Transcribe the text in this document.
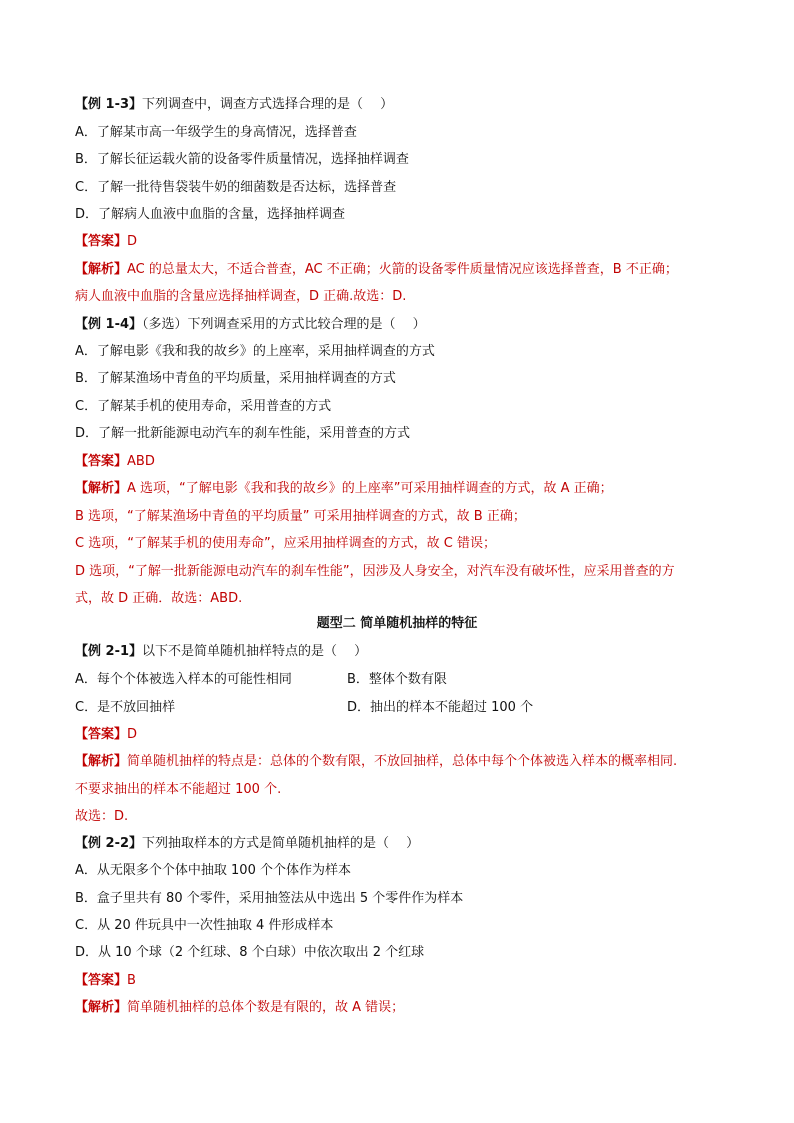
【例 1-3】下列调查中，调查方式选择合理的是（　 ）
A．了解某市高一年级学生的身高情况，选择普查
B．了解长征运载火箭的设备零件质量情况，选择抽样调查
C．了解一批待售袋装牛奶的细菌数是否达标，选择普查
D．了解病人血液中血脂的含量，选择抽样调查
【答案】D
【解析】AC 的总量太大，不适合普查，AC 不正确；火箭的设备零件质量情况应该选择普查，B 不正确；
病人血液中血脂的含量应选择抽样调查，D 正确.故选：D.
【例 1-4】（多选）下列调查采用的方式比较合理的是（　 ）
A．了解电影《我和我的故乡》的上座率，采用抽样调查的方式
B．了解某渔场中青鱼的平均质量，采用抽样调查的方式
C．了解某手机的使用寿命，采用普查的方式
D．了解一批新能源电动汽车的刹车性能，采用普查的方式
【答案】ABD
【解析】A 选项，“了解电影《我和我的故乡》的上座率”可采用抽样调查的方式，故 A 正确；
B 选项，“了解某渔场中青鱼的平均质量” 可采用抽样调查的方式，故 B 正确；
C 选项，“了解某手机的使用寿命”，应采用抽样调查的方式，故 C 错误；
D 选项，“了解一批新能源电动汽车的刹车性能”，因涉及人身安全，对汽车没有破坏性，应采用普查的方
式，故 D 正确．故选：ABD.
题型二 简单随机抽样的特征
【例 2-1】以下不是简单随机抽样特点的是（　 ）
A．每个个体被选入样本的可能性相同	B．整体个数有限
C．是不放回抽样	D．抽出的样本不能超过 100 个
【答案】D
【解析】简单随机抽样的特点是：总体的个数有限，不放回抽样，总体中每个个体被选入样本的概率相同.
不要求抽出的样本不能超过 100 个.
故选：D.
【例 2-2】下列抽取样本的方式是简单随机抽样的是（　 ）
A．从无限多个个体中抽取 100 个个体作为样本
B．盒子里共有 80 个零件，采用抽签法从中选出 5 个零件作为样本
C．从 20 件玩具中一次性抽取 4 件形成样本
D．从 10 个球（2 个红球、8 个白球）中依次取出 2 个红球
【答案】B
【解析】简单随机抽样的总体个数是有限的，故 A 错误；
